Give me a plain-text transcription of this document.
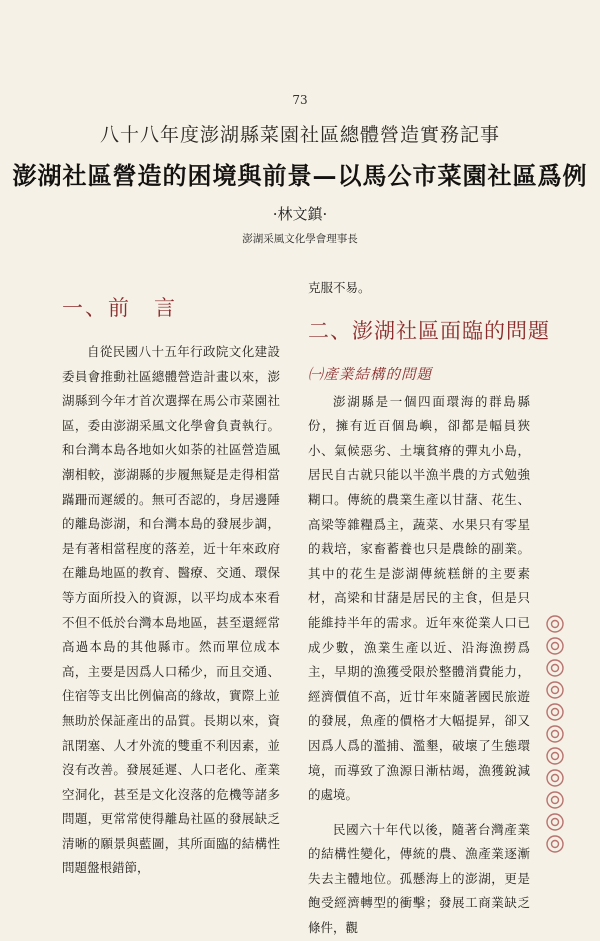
73
八十八年度澎湖縣菜園社區總體營造實務記事
澎湖社區營造的困境與前景—以馬公市菜園社區爲例
·林文鎮·
澎湖采風文化學會理事長
一、前　言

自從民國八十五年行政院文化建設委員會推動社區總體營造計畫以來，澎湖縣到今年才首次選擇在馬公市菜園社區，委由澎湖采風文化學會負責執行。和台灣本島各地如火如荼的社區營造風潮相較，澎湖縣的步履無疑是走得相當蹣跚而遲緩的。無可否認的，身居邊陲的離島澎湖，和台灣本島的發展步調，是有著相當程度的落差，近十年來政府在離島地區的教育、醫療、交通、環保等方面所投入的資源，以平均成本來看不但不低於台灣本島地區，甚至還經常高過本島的其他縣市。然而單位成本高，主要是因爲人口稀少，而且交通、住宿等支出比例偏高的緣故，實際上並無助於保証產出的品質。長期以來，資訊閉塞、人才外流的雙重不利因素，並沒有改善。發展延遲、人口老化、產業空洞化，甚至是文化沒落的危機等諸多問題，更常常使得離島社區的發展缺乏清晰的願景與藍圖，其所面臨的結構性問題盤根錯節，

克服不易。

二、澎湖社區面臨的問題
㈠產業結構的問題

澎湖縣是一個四面環海的群島縣份，擁有近百個島嶼，卻都是幅員狹小、氣候惡劣、土壤貧瘠的彈丸小島，居民自古就只能以半漁半農的方式勉強糊口。傳統的農業生產以甘藷、花生、高梁等雜糧爲主，蔬菜、水果只有零星的栽培，家畜蓄養也只是農餘的副業。其中的花生是澎湖傳統糕餅的主要素材，高梁和甘藷是居民的主食，但是只能維持半年的需求。近年來從業人口已成少數，漁業生產以近、沿海漁撈爲主，早期的漁獲受限於整體消費能力，經濟價值不高，近廿年來隨著國民旅遊的發展，魚產的價格才大幅提昇，卻又因爲人爲的濫捕、濫墾，破壞了生態環境，而導致了漁源日漸枯竭，漁獲銳減的處境。

民國六十年代以後，隨著台灣產業的結構性變化，傳統的農、漁產業逐漸失去主體地位。孤懸海上的澎湖，更是飽受經濟轉型的衝擊；發展工商業缺乏條件，觀
